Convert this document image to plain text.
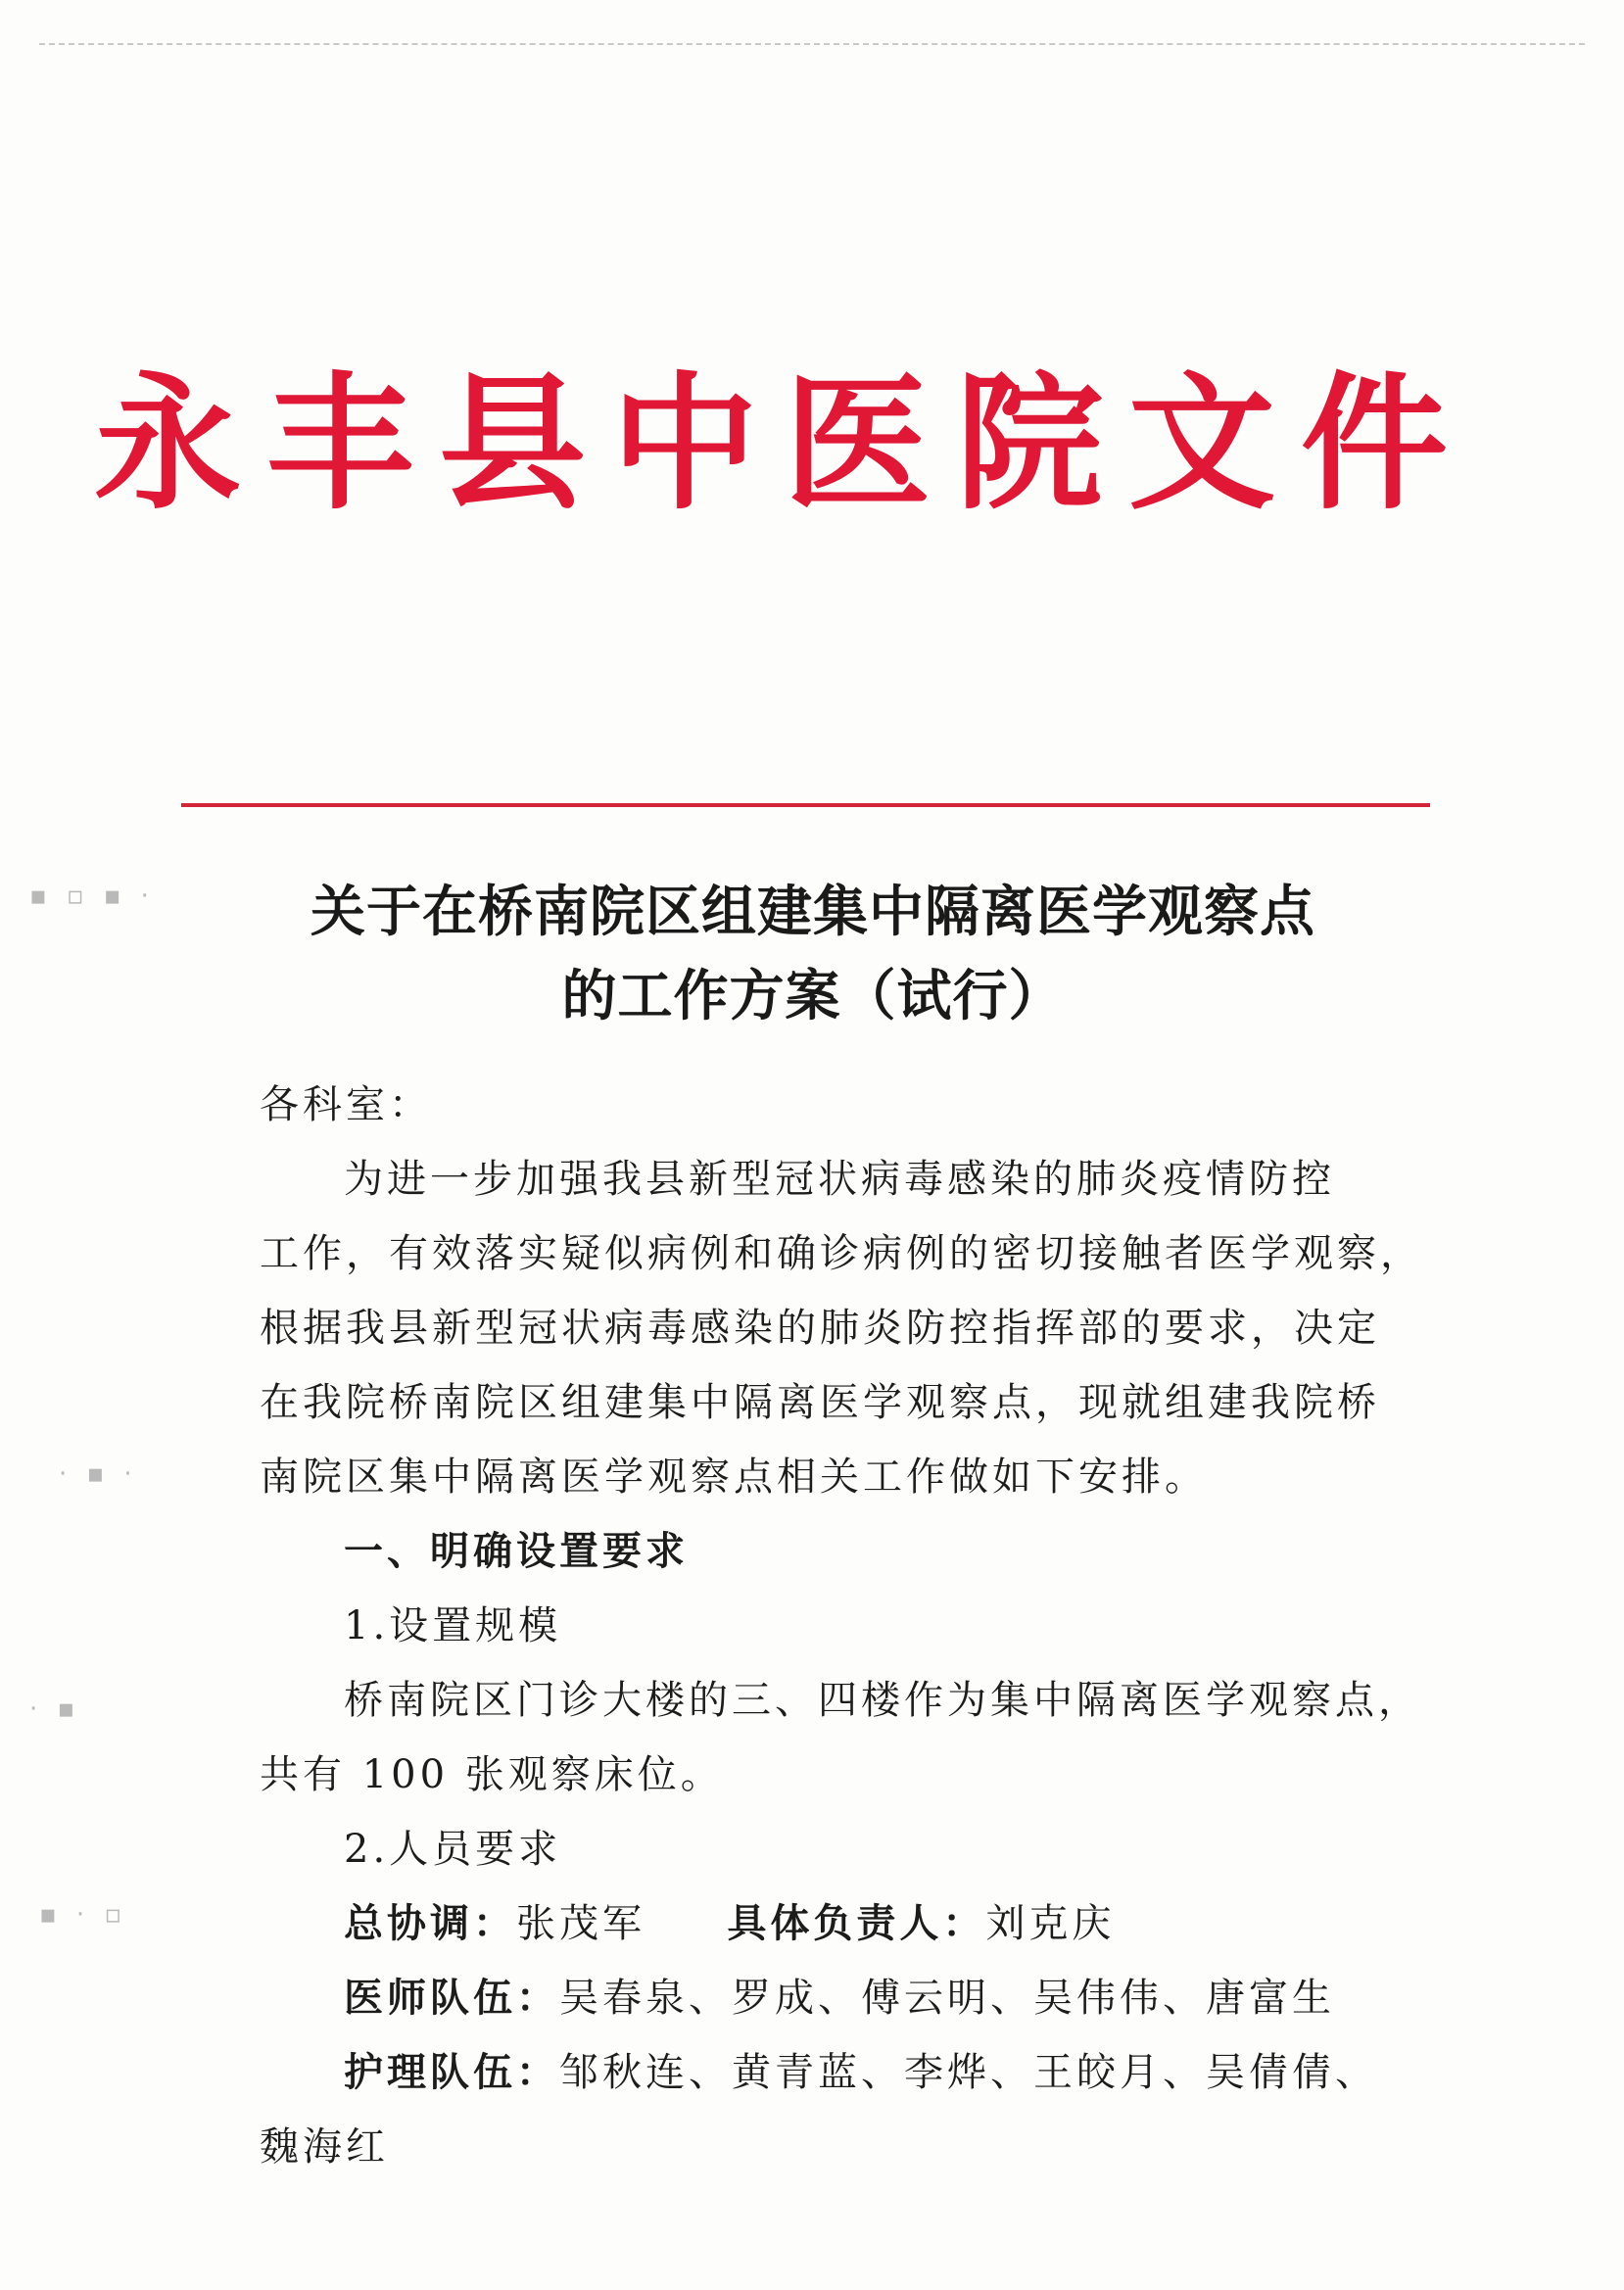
永丰县中医院文件
关于在桥南院区组建集中隔离医学观察点
的工作方案（试行）

各科室：

为进一步加强我县新型冠状病毒感染的肺炎疫情防控

工作，有效落实疑似病例和确诊病例的密切接触者医学观察，

根据我县新型冠状病毒感染的肺炎防控指挥部的要求，决定

在我院桥南院区组建集中隔离医学观察点，现就组建我院桥

南院区集中隔离医学观察点相关工作做如下安排。

一、明确设置要求

1.设置规模

桥南院区门诊大楼的三、四楼作为集中隔离医学观察点，

共有 100 张观察床位。

2.人员要求

总协调：张茂军 具体负责人：刘克庆

医师队伍：吴春泉、罗成、傅云明、吴伟伟、唐富生

护理队伍：邹秋连、黄青蓝、李烨、王皎月、吴倩倩、

魏海红

▪ ▫ ▪ ·
⋅ ▪ ⋅
⋅ ▪
▪ · ▫
